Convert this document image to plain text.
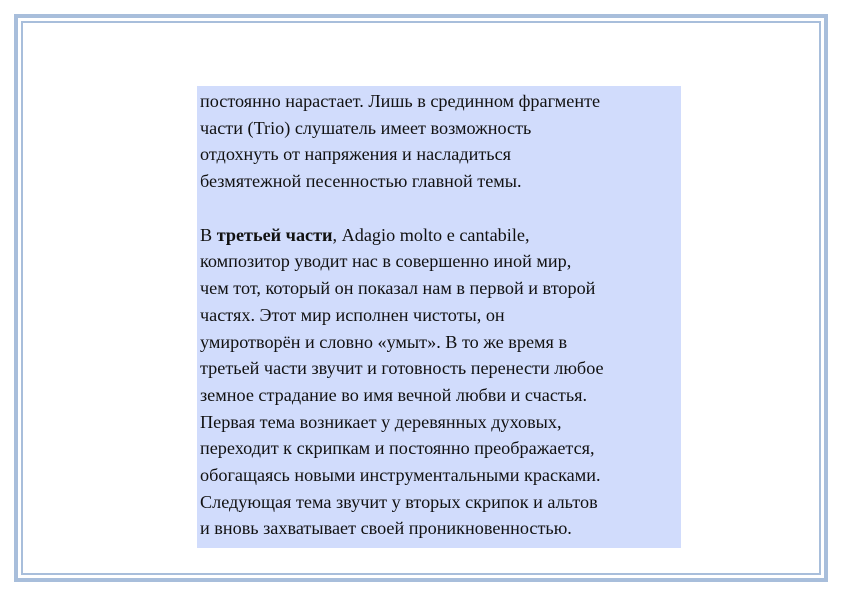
постоянно нарастает. Лишь в срединном фрагменте
части (Trio) слушатель имеет возможность
отдохнуть от напряжения и насладиться
безмятежной песенностью главной темы.

В третьей части, Adagio molto e cantabile,
композитор уводит нас в совершенно иной мир,
чем тот, который он показал нам в первой и второй
частях. Этот мир исполнен чистоты, он
умиротворён и словно «умыт». В то же время в
третьей части звучит и готовность перенести любое
земное страдание во имя вечной любви и счастья.
Первая тема возникает у деревянных духовых,
переходит к скрипкам и постоянно преображается,
обогащаясь новыми инструментальными красками.
Следующая тема звучит у вторых скрипок и альтов
и вновь захватывает своей проникновенностью.
